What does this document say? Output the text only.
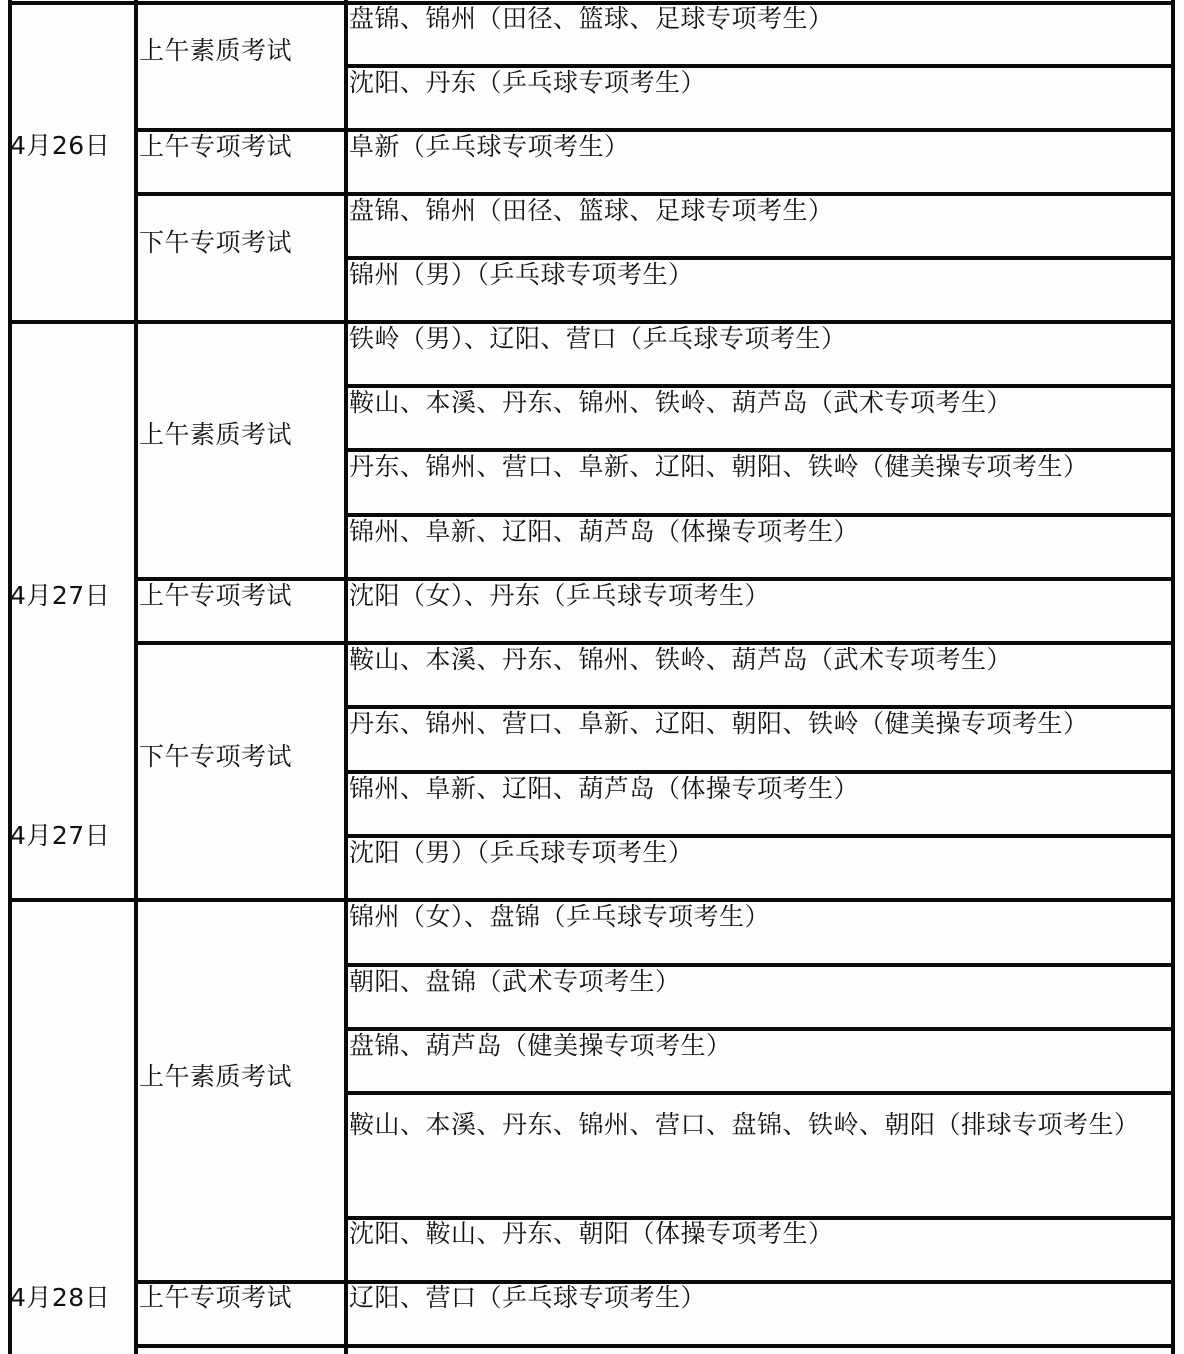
4月26日
4月27日
4月27日
4月28日
上午素质考试
上午专项考试
下午专项考试
上午素质考试
上午专项考试
下午专项考试
上午素质考试
上午专项考试
盘锦、锦州（田径、篮球、足球专项考生）
沈阳、丹东（乒乓球专项考生）
阜新（乒乓球专项考生）
盘锦、锦州（田径、篮球、足球专项考生）
锦州（男）（乒乓球专项考生）
铁岭（男）、辽阳、营口（乒乓球专项考生）
鞍山、本溪、丹东、锦州、铁岭、葫芦岛（武术专项考生）
丹东、锦州、营口、阜新、辽阳、朝阳、铁岭（健美操专项考生）
锦州、阜新、辽阳、葫芦岛（体操专项考生）
沈阳（女）、丹东（乒乓球专项考生）
鞍山、本溪、丹东、锦州、铁岭、葫芦岛（武术专项考生）
丹东、锦州、营口、阜新、辽阳、朝阳、铁岭（健美操专项考生）
锦州、阜新、辽阳、葫芦岛（体操专项考生）
沈阳（男）（乒乓球专项考生）
锦州（女）、盘锦（乒乓球专项考生）
朝阳、盘锦（武术专项考生）
盘锦、葫芦岛（健美操专项考生）
鞍山、本溪、丹东、锦州、营口、盘锦、铁岭、朝阳（排球专项考生）
沈阳、鞍山、丹东、朝阳（体操专项考生）
辽阳、营口（乒乓球专项考生）
